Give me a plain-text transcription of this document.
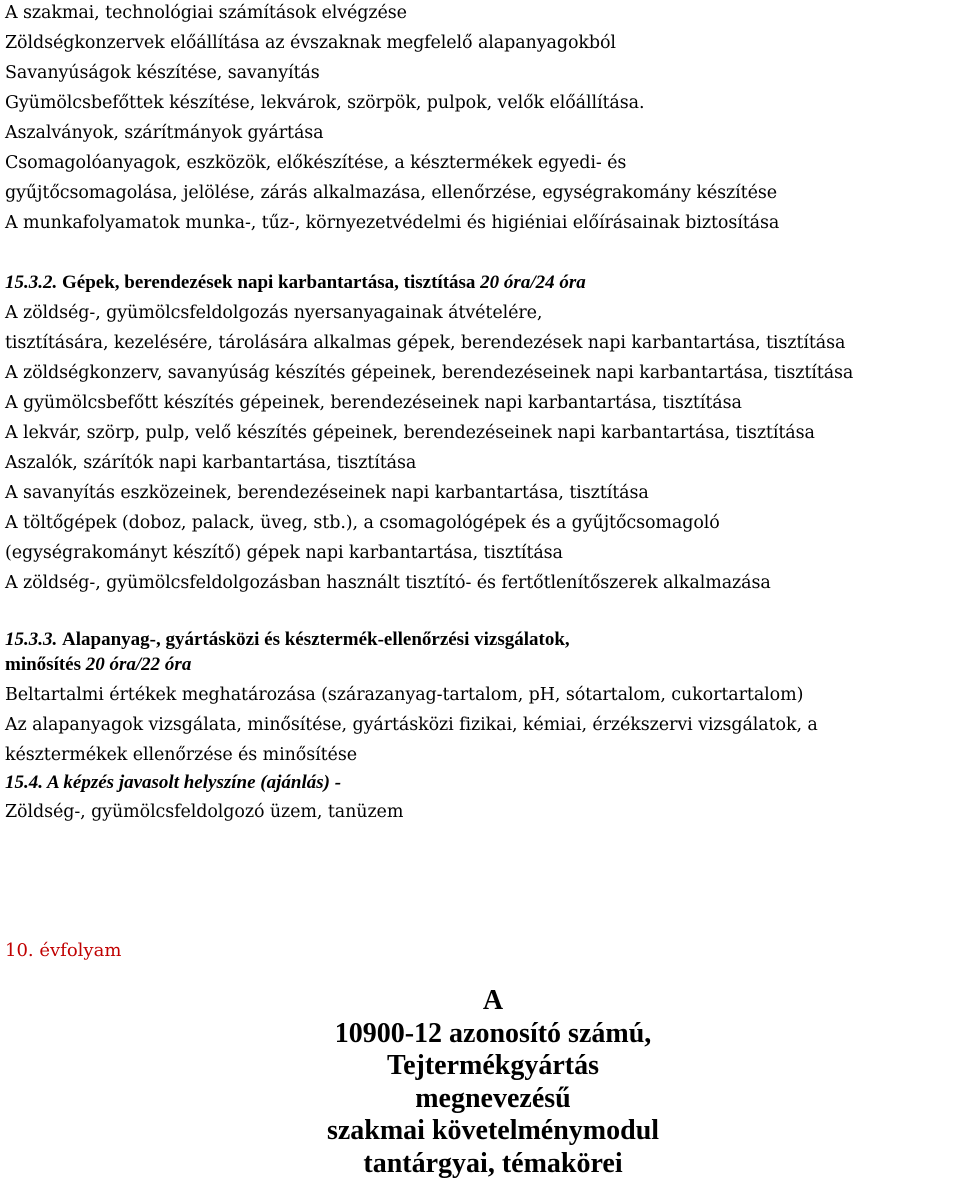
A szakmai, technológiai számítások elvégzése
Zöldségkonzervek előállítása az évszaknak megfelelő alapanyagokból
Savanyúságok készítése, savanyítás
Gyümölcsbefőttek készítése, lekvárok, szörpök, pulpok, velők előállítása.
Aszalványok, szárítmányok gyártása
Csomagolóanyagok, eszközök, előkészítése, a késztermékek egyedi- és
gyűjtőcsomagolása, jelölése, zárás alkalmazása, ellenőrzése, egységrakomány készítése
A munkafolyamatok munka-, tűz-, környezetvédelmi és higiéniai előírásainak biztosítása
15.3.2. Gépek, berendezések napi karbantartása, tisztítása 20 óra/24 óra
A zöldség-, gyümölcsfeldolgozás nyersanyagainak átvételére,
tisztítására, kezelésére, tárolására alkalmas gépek, berendezések napi karbantartása, tisztítása
A zöldségkonzerv, savanyúság készítés gépeinek, berendezéseinek napi karbantartása, tisztítása
A gyümölcsbefőtt készítés gépeinek, berendezéseinek napi karbantartása, tisztítása
A lekvár, szörp, pulp, velő készítés gépeinek, berendezéseinek napi karbantartása, tisztítása
Aszalók, szárítók napi karbantartása, tisztítása
A savanyítás eszközeinek, berendezéseinek napi karbantartása, tisztítása
A töltőgépek (doboz, palack, üveg, stb.), a csomagológépek és a gyűjtőcsomagoló
(egységrakományt készítő) gépek napi karbantartása, tisztítása
A zöldség-, gyümölcsfeldolgozásban használt tisztító- és fertőtlenítőszerek alkalmazása
15.3.3. Alapanyag-, gyártásközi és késztermék-ellenőrzési vizsgálatok,
minősítés 20 óra/22 óra
Beltartalmi értékek meghatározása (szárazanyag-tartalom, pH, sótartalom, cukortartalom)
Az alapanyagok vizsgálata, minősítése, gyártásközi fizikai, kémiai, érzékszervi vizsgálatok, a
késztermékek ellenőrzése és minősítése
15.4. A képzés javasolt helyszíne (ajánlás) -
Zöldség-, gyümölcsfeldolgozó üzem, tanüzem
10. évfolyam
A
10900-12 azonosító számú,
Tejtermékgyártás
megnevezésű
szakmai követelménymodul
tantárgyai, témakörei
